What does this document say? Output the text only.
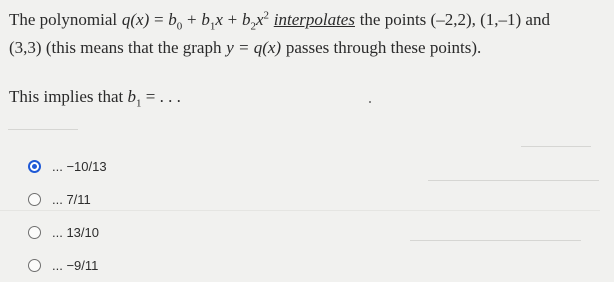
The polynomial $q(x) = b_0 + b_1x + b_2x^2$ interpolates the points (–2,2), (1,–1) and
(3,3) (this means that the graph y = q(x) passes through these points).
This implies that $b_1$ = . . .
... −10/13
... 7/11
... 13/10
... −9/11
